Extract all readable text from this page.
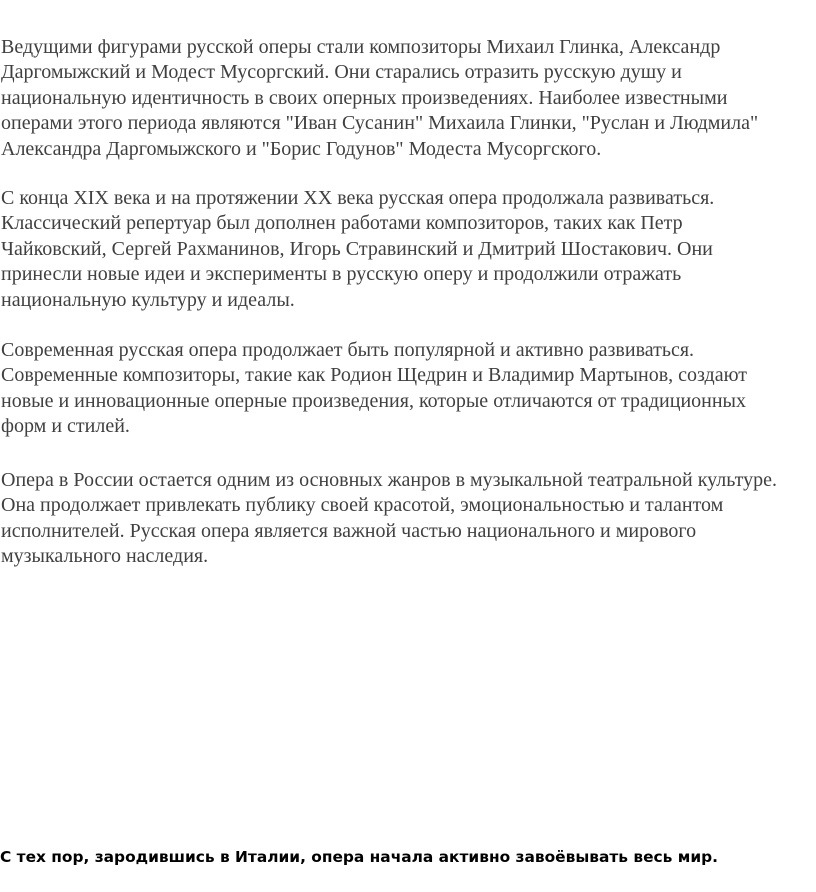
Ведущими фигурами русской оперы стали композиторы Михаил Глинка, Александр
Даргомыжский и Модест Мусоргский. Они старались отразить русскую душу и
национальную идентичность в своих оперных произведениях. Наиболее известными
операми этого периода являются "Иван Сусанин" Михаила Глинки, "Руслан и Людмила"
Александра Даргомыжского и "Борис Годунов" Модеста Мусоргского.

С конца XIX века и на протяжении XX века русская опера продолжала развиваться.
Классический репертуар был дополнен работами композиторов, таких как Петр
Чайковский, Сергей Рахманинов, Игорь Стравинский и Дмитрий Шостакович. Они
принесли новые идеи и эксперименты в русскую оперу и продолжили отражать
национальную культуру и идеалы.

Современная русская опера продолжает быть популярной и активно развиваться.
Современные композиторы, такие как Родион Щедрин и Владимир Мартынов, создают
новые и инновационные оперные произведения, которые отличаются от традиционных
форм и стилей.

Опера в России остается одним из основных жанров в музыкальной театральной культуре.
Она продолжает привлекать публику своей красотой, эмоциональностью и талантом
исполнителей. Русская опера является важной частью национального и мирового
музыкального наследия.

С тех пор, зародившись в Италии, опера начала активно завоёвывать весь мир.
